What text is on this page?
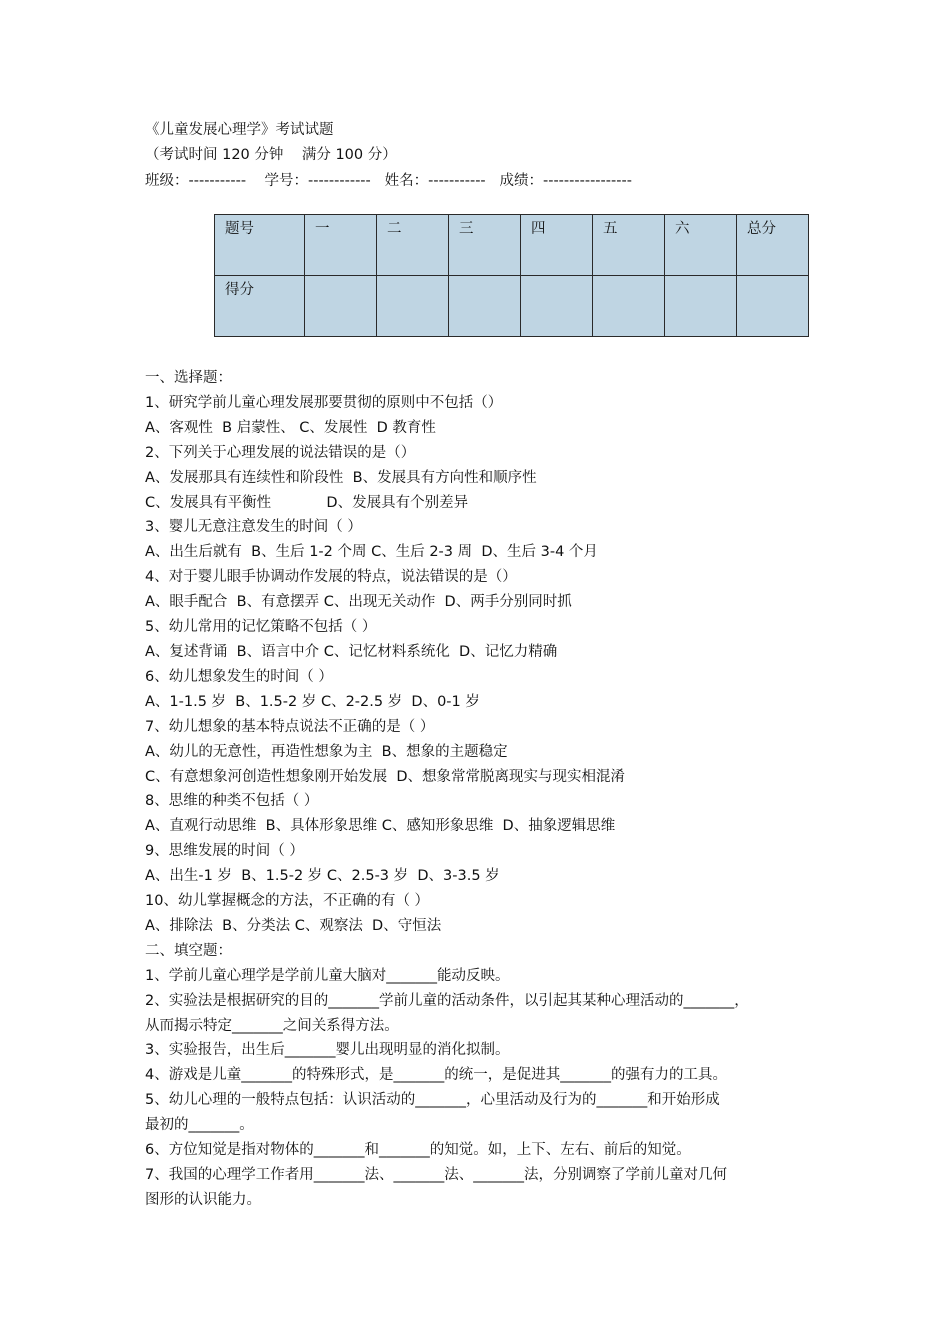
《儿童发展心理学》考试试题
（考试时间 120 分钟    满分 100 分）
班级：-----------    学号：------------   姓名：-----------   成绩：-----------------
题号	一	二	三	四	五	六	总分
得分							
一、选择题：
1、研究学前儿童心理发展那要贯彻的原则中不包括（）
A、客观性  B 启蒙性、 C、发展性  D 教育性
2、下列关于心理发展的说法错误的是（）
A、发展那具有连续性和阶段性  B、发展具有方向性和顺序性
C、发展具有平衡性            D、发展具有个别差异
3、婴儿无意注意发生的时间（ ）
A、出生后就有  B、生后 1-2 个周 C、生后 2-3 周  D、生后 3-4 个月
4、对于婴儿眼手协调动作发展的特点，说法错误的是（）
A、眼手配合  B、有意摆弄 C、出现无关动作  D、两手分别同时抓
5、幼儿常用的记忆策略不包括（ ）
A、复述背诵  B、语言中介 C、记忆材料系统化  D、记忆力精确
6、幼儿想象发生的时间（ ）
A、1-1.5 岁  B、1.5-2 岁 C、2-2.5 岁  D、0-1 岁
7、幼儿想象的基本特点说法不正确的是（ ）
A、幼儿的无意性，再造性想象为主  B、想象的主题稳定
C、有意想象河创造性想象刚开始发展  D、想象常常脱离现实与现实相混淆
8、思维的种类不包括（ ）
A、直观行动思维  B、具体形象思维 C、感知形象思维  D、抽象逻辑思维
9、思维发展的时间（ ）
A、出生-1 岁  B、1.5-2 岁 C、2.5-3 岁  D、3-3.5 岁
10、幼儿掌握概念的方法，不正确的有（ ）
A、排除法  B、分类法 C、观察法  D、守恒法
二、填空题：
1、学前儿童心理学是学前儿童大脑对_______能动反映。
2、实验法是根据研究的目的_______学前儿童的活动条件，以引起其某种心理活动的_______，
从而揭示特定_______之间关系得方法。
3、实验报告，出生后_______婴儿出现明显的消化拟制。
4、游戏是儿童_______的特殊形式，是_______的统一，是促进其_______的强有力的工具。
5、幼儿心理的一般特点包括：认识活动的_______，心里活动及行为的_______和开始形成
最初的_______。
6、方位知觉是指对物体的_______和_______的知觉。如，上下、左右、前后的知觉。
7、我国的心理学工作者用_______法、_______法、_______法，分别调察了学前儿童对几何
图形的认识能力。
